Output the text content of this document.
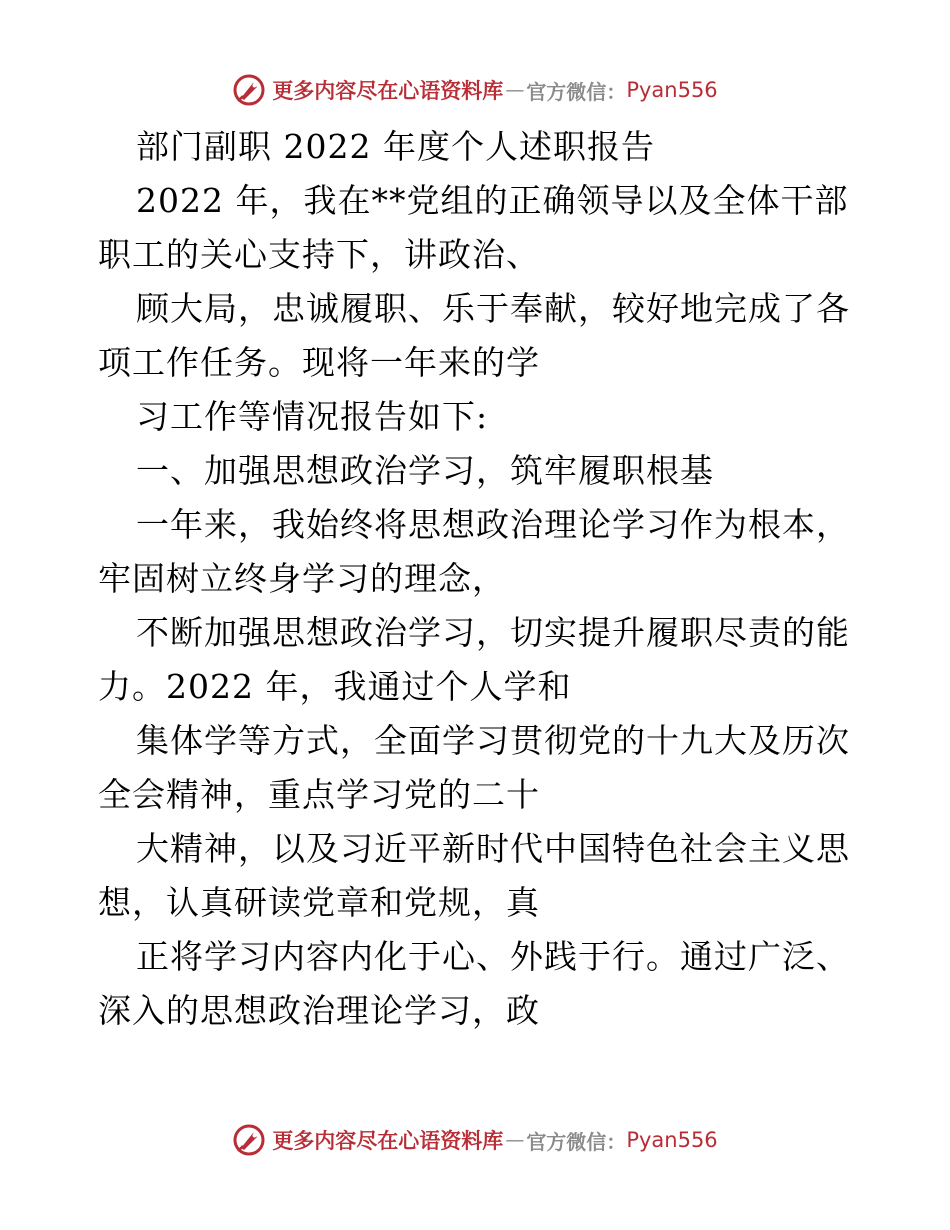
更多内容尽在心语资料库 — 官方微信： Pyan556
部门副职 2022 年度个人述职报告
2022 年，我在**党组的正确领导以及全体干部
职工的关心支持下，讲政治、
顾大局，忠诚履职、乐于奉献，较好地完成了各
项工作任务。现将一年来的学
习工作等情况报告如下:
一、加强思想政治学习，筑牢履职根基
一年来，我始终将思想政治理论学习作为根本，
牢固树立终身学习的理念，
不断加强思想政治学习，切实提升履职尽责的能
力。2022 年，我通过个人学和
集体学等方式，全面学习贯彻党的十九大及历次
全会精神，重点学习党的二十
大精神，以及习近平新时代中国特色社会主义思
想，认真研读党章和党规，真
正将学习内容内化于心、外践于行。通过广泛、
深入的思想政治理论学习，政
更多内容尽在心语资料库 — 官方微信： Pyan556
